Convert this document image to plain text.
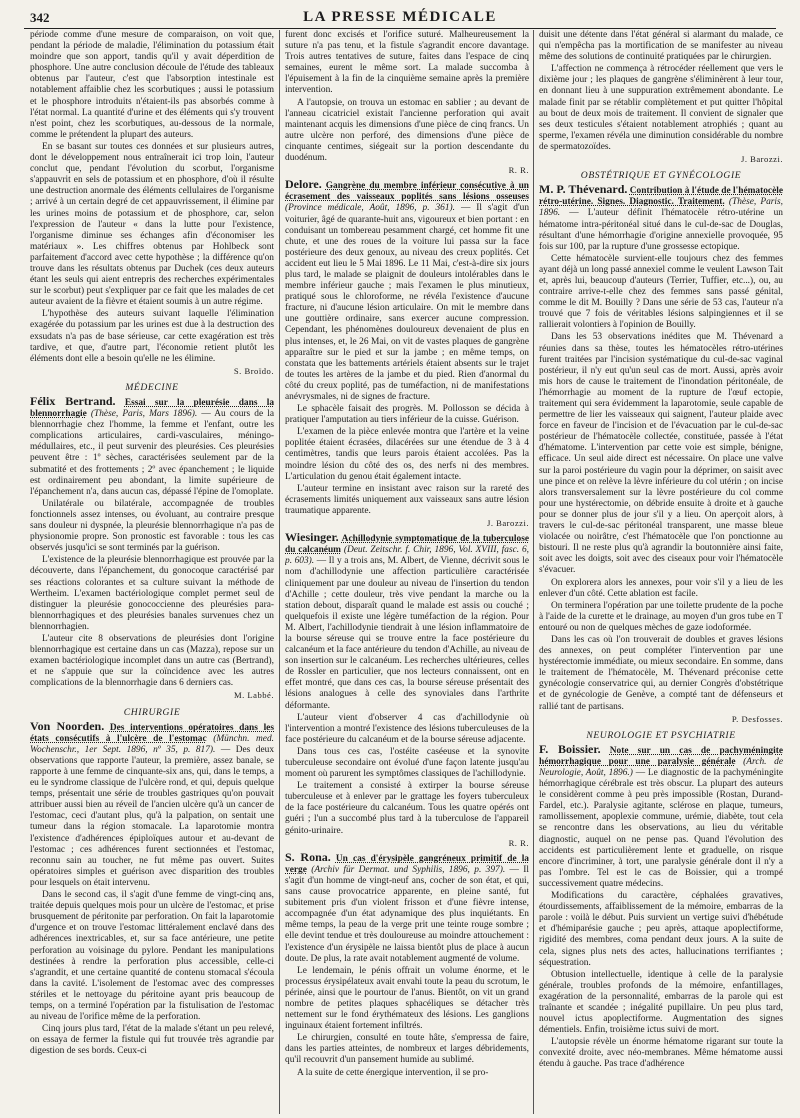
342	LA PRESSE MÉDICALE

période comme d'une mesure de comparaison, on voit que, pendant la période de maladie, l'élimination du potassium était moindre que son apport, tandis qu'il y avait déperdition de phosphore. Une autre conclusion découle de l'étude des tableaux obtenus par l'auteur, c'est que l'absorption intestinale est notablement affaiblie chez les scorbutiques ; aussi le potassium et le phosphore introduits n'étaient-ils pas absorbés comme à l'état normal. La quantité d'urine et des éléments qui s'y trouvent n'est point, chez les scorbutiques, au-dessous de la normale, comme le prétendent la plupart des auteurs.

En se basant sur toutes ces données et sur plusieurs autres, dont le développement nous entraînerait ici trop loin, l'auteur conclut que, pendant l'évolution du scorbut, l'organisme s'appauvrit en sels de potassium et en phosphore, d'où il résulte une destruction anormale des éléments cellulaires de l'organisme ; arrivé à un certain degré de cet appauvrissement, il élimine par les urines moins de potassium et de phosphore, car, selon l'expression de l'auteur « dans la lutte pour l'existence, l'organisme diminue ses échanges afin d'économiser les matériaux ». Les chiffres obtenus par Hohlbeck sont parfaitement d'accord avec cette hypothèse ; la différence qu'on trouve dans les résultats obtenus par Duchek (ces deux auteurs étant les seuls qui aient entrepris des recherches expérimentales sur le scorbut) peut s'expliquer par ce fait que les malades de cet auteur avaient de la fièvre et étaient soumis à un autre régime.

L'hypothèse des auteurs suivant laquelle l'élimination exagérée du potassium par les urines est due à la destruction des exsudats n'a pas de base sérieuse, car cette exagération est très tardive, et que, d'autre part, l'économie retient plutôt les éléments dont elle a besoin qu'elle ne les élimine.

S. Broïdo.
MÉDECINE

Félix Bertrand. Essai sur la pleurésie dans la blennorrhagie (Thèse, Paris, Mars 1896). — Au cours de la blennorrhagie chez l'homme, la femme et l'enfant, outre les complications articulaires, cardi-vasculaires, méningo-médullaires, etc., il peut survenir des pleurésies. Ces pleurésies peuvent être : 1º sèches, caractérisées seulement par de la submatité et des frottements ; 2º avec épanchement ; le liquide est ordinairement peu abondant, la limite supérieure de l'épanchement n'a, dans aucun cas, dépassé l'épine de l'omoplate.

Unilatérale ou bilatérale, accompagnée de troubles fonctionnels assez intenses, ou évoluant, au contraire presque sans douleur ni dyspnée, la pleurésie blennorrhagique n'a pas de physionomie propre. Son pronostic est favorable : tous les cas observés jusqu'ici se sont terminés par la guérison.

L'existence de la pleurésie blennorrhagique est prouvée par la découverte, dans l'épanchement, du gonocoque caractérisé par ses réactions colorantes et sa culture suivant la méthode de Wertheim. L'examen bactériologique complet permet seul de distinguer la pleurésie gonococcienne des pleurésies para-blennorrhagiques et des pleurésies banales survenues chez un blennorrhagien.

L'auteur cite 8 observations de pleurésies dont l'origine blennorrhagique est certaine dans un cas (Mazza), repose sur un examen bactériologique incomplet dans un autre cas (Bertrand), et ne s'appuie que sur la coïncidence avec les autres complications de la blennorrhagie dans 6 derniers cas.

M. Labbé.
CHIRURGIE

Von Noorden. Des interventions opératoires dans les états consécutifs à l'ulcère de l'estomac (Münchn. med. Wochenschr., 1er Sept. 1896, nº 35, p. 817). — Des deux observations que rapporte l'auteur, la première, assez banale, se rapporte à une femme de cinquante-six ans, qui, dans le temps, a eu le syndrome classique de l'ulcère rond, et qui, depuis quelque temps, présentait une série de troubles gastriques qu'on pouvait attribuer aussi bien au réveil de l'ancien ulcère qu'à un cancer de l'estomac, ceci d'autant plus, qu'à la palpation, on sentait une tumeur dans la région stomacale. La laparotomie montra l'existence d'adhérences épiploïques autour et au-devant de l'estomac ; ces adhérences furent sectionnées et l'estomac, reconnu sain au toucher, ne fut même pas ouvert. Suites opératoires simples et guérison avec disparition des troubles pour lesquels on était intervenu.

Dans le second cas, il s'agit d'une femme de vingt-cinq ans, traitée depuis quelques mois pour un ulcère de l'estomac, et prise brusquement de péritonite par perforation. On fait la laparotomie d'urgence et on trouve l'estomac littéralement enclavé dans des adhérences inextricables, et, sur sa face antérieure, une petite perforation au voisinage du pylore. Pendant les manipulations destinées à rendre la perforation plus accessible, celle-ci s'agrandit, et une certaine quantité de contenu stomacal s'écoula dans la cavité. L'isolement de l'estomac avec des compresses stériles et le nettoyage du péritoine ayant pris beaucoup de temps, on a terminé l'opération par la fistulisation de l'estomac au niveau de l'orifice même de la perforation.

Cinq jours plus tard, l'état de la malade s'étant un peu relevé, on essaya de fermer la fistule qui fut trouvée très agrandie par digestion de ses bords. Ceux-ci

furent donc excisés et l'orifice suturé. Malheureusement la suture n'a pas tenu, et la fistule s'agrandit encore davantage. Trois autres tentatives de suture, faites dans l'espace de cinq semaines, eurent le même sort. La malade succomba à l'épuisement à la fin de la cinquième semaine après la première intervention.

A l'autopsie, on trouva un estomac en sablier ; au devant de l'anneau cicatriciel existait l'ancienne perforation qui avait maintenant acquis les dimensions d'une pièce de cinq francs. Un autre ulcère non perforé, des dimensions d'une pièce de cinquante centimes, siégeait sur la portion descendante du duodénum.

R. R.

Delore. Gangrène du membre inférieur consécutive à un écrasement des vaisseaux poplités sans lésions osseuses (Province médicale, Août, 1896, p. 361). — Il s'agit d'un voiturier, âgé de quarante-huit ans, vigoureux et bien portant : en conduisant un tombereau pesamment chargé, cet homme fit une chute, et une des roues de la voiture lui passa sur la face postérieure des deux genoux, au niveau des creux poplités. Cet accident eut lieu le 5 Mai 1896. Le 11 Mai, c'est-à-dire six jours plus tard, le malade se plaignit de douleurs intolérables dans le membre inférieur gauche ; mais l'examen le plus minutieux, pratiqué sous le chloroforme, ne révéla l'existence d'aucune fracture, ni d'aucune lésion articulaire. On mit le membre dans une gouttière ordinaire, sans exercer aucune compression. Cependant, les phénomènes douloureux devenaient de plus en plus intenses, et, le 26 Mai, on vit de vastes plaques de gangrène apparaître sur le pied et sur la jambe ; en même temps, on constata que les battements artériels étaient absents sur le trajet de toutes les artères de la jambe et du pied. Rien d'anormal du côté du creux poplité, pas de tuméfaction, ni de manifestations anévrysmales, ni de signes de fracture.

Le sphacèle faisait des progrès. M. Pollosson se décida à pratiquer l'amputation au tiers inférieur de la cuisse. Guérison.

L'examen de la pièce enlevée montra que l'artère et la veine poplitée étaient écrasées, dilacérées sur une étendue de 3 à 4 centimètres, tandis que leurs parois étaient accolées. Pas la moindre lésion du côté des os, des nerfs ni des membres. L'articulation du genou était également intacte.

L'auteur termine en insistant avec raison sur la rareté des écrasements limités uniquement aux vaisseaux sans autre lésion traumatique apparente.

J. Barozzi.

Wiesinger. Achillodynie symptomatique de la tuberculose du calcanéum (Deut. Zeitschr. f. Chir, 1896, Vol. XVIII, fasc. 6, p. 603). — Il y a trois ans, M. Albert, de Vienne, décrivit sous le nom d'achillodynie une affection particulière caractérisée cliniquement par une douleur au niveau de l'insertion du tendon d'Achille ; cette douleur, très vive pendant la marche ou la station debout, disparaît quand le malade est assis ou couché ; quelquefois il existe une légère tuméfaction de la région. Pour M. Albert, l'achillodynie tiendrait à une lésion inflammatoire de la bourse séreuse qui se trouve entre la face postérieure du calcanéum et la face antérieure du tendon d'Achille, au niveau de son insertion sur le calcanéum. Les recherches ultérieures, celles de Rossler en particulier, que nos lecteurs connaissent, ont en effet montré, que dans ces cas, la bourse séreuse présentait des lésions analogues à celle des synoviales dans l'arthrite déformante.

L'auteur vient d'observer 4 cas d'achillodynie où l'intervention a montré l'existence des lésions tuberculeuses de la face postérieure du calcanéum et de la bourse séreuse adjacente.

Dans tous ces cas, l'ostéite caséeuse et la synovite tuberculeuse secondaire ont évolué d'une façon latente jusqu'au moment où parurent les symptômes classiques de l'achillodynie.

Le traitement a consisté à extirper la bourse séreuse tuberculeuse et à enlever par le grattage les foyers tuberculeux de la face postérieure du calcanéum. Tous les quatre opérés ont guéri ; l'un a succombé plus tard à la tuberculose de l'appareil génito-urinaire.

R. R.

S. Rona. Un cas d'érysipèle gangréneux primitif de la verge (Archiv für Dermat. und Syphilis, 1896, p. 397). — Il s'agit d'un homme de vingt-neuf ans, cocher de son état, et qui, sans cause provocatrice apparente, en pleine santé, fut subitement pris d'un violent frisson et d'une fièvre intense, accompagnée d'un état adynamique des plus inquiétants. En même temps, la peau de la verge prit une teinte rouge sombre ; elle devint tendue et très douloureuse au moindre attouchement : l'existence d'un érysipèle ne laissa bientôt plus de place à aucun doute. De plus, la rate avait notablement augmenté de volume.

Le lendemain, le pénis offrait un volume énorme, et le processus érysipélateux avait envahi toute la peau du scrotum, le périnée, ainsi que le pourtour de l'anus. Bientôt, on vit un grand nombre de petites plaques sphacéliques se détacher très nettement sur le fond érythémateux des lésions. Les ganglions inguinaux étaient fortement infiltrés.

Le chirurgien, consulté en toute hâte, s'empressa de faire, dans les parties atteintes, de nombreux et larges débridements, qu'il recouvrit d'un pansement humide au sublimé.

A la suite de cette énergique intervention, il se pro-

duisit une détente dans l'état général si alarmant du malade, ce qui n'empêcha pas la mortification de se manifester au niveau même des solutions de continuité pratiquées par le chirurgien.

L'affection ne commença à rétrocéder réellement que vers le dixième jour ; les plaques de gangrène s'éliminèrent à leur tour, en donnant lieu à une suppuration extrêmement abondante. Le malade finit par se rétablir complètement et put quitter l'hôpital au bout de deux mois de traitement. Il convient de signaler que ses deux testicules s'étaient notablement atrophiés ; quant au sperme, l'examen révéla une diminution considérable du nombre de spermatozoïdes.

J. Barozzi.
OBSTÉTRIQUE ET GYNÉCOLOGIE

M. P. Thévenard. Contribution à l'étude de l'hématocèle rétro-utérine. Signes. Diagnostic. Traitement. (Thèse, Paris, 1896. — L'auteur définit l'hématocèle rétro-utérine un hématome intra-péritonéal situé dans le cul-de-sac de Douglas, résultant d'une hémorrhagie d'origine annexielle provoquée, 95 fois sur 100, par la rupture d'une grossesse ectopique.

Cette hématocèle survient-elle toujours chez des femmes ayant déjà un long passé annexiel comme le veulent Lawson Tait et, après lui, beaucoup d'auteurs (Terrier, Tuffier, etc...), ou, au contraire arrive-t-elle chez des femmes sans passé génital, comme le dit M. Bouilly ? Dans une série de 53 cas, l'auteur n'a trouvé que 7 fois de véritables lésions salpingiennes et il se rallierait volontiers à l'opinion de Bouilly.

Dans les 53 observations inédites que M. Thévenard a réunies dans sa thèse, toutes les hématocèles rétro-utérines furent traitées par l'incision systématique du cul-de-sac vaginal postérieur, il n'y eut qu'un seul cas de mort. Aussi, après avoir mis hors de cause le traitement de l'inondation péritonéale, de l'hémorrhagie au moment de la rupture de l'œuf ectopie, traitement qui sera évidemment la laparotomie, seule capable de permettre de lier les vaisseaux qui saignent, l'auteur plaide avec force en faveur de l'incision et de l'évacuation par le cul-de-sac postérieur de l'hématocèle collectée, constituée, passée à l'état d'hématome. L'intervention par cette voie est simple, bénigne, efficace. Un seul aide direct est nécessaire. On place une valve sur la paroi postérieure du vagin pour la déprimer, on saisit avec une pince et on relève la lèvre inférieure du col utérin ; on incise alors transversalement sur la lèvre postérieure du col comme pour une hystérectomie, on débride ensuite à droite et à gauche pour se donner plus de jour s'il y a lieu. On aperçoit alors, à travers le cul-de-sac péritonéal transparent, une masse bleue violacée ou noirâtre, c'est l'hématocèle que l'on ponctionne au bistouri. Il ne reste plus qu'à agrandir la boutonnière ainsi faite, soit avec les doigts, soit avec des ciseaux pour voir l'hématocèle s'évacuer.

On explorera alors les annexes, pour voir s'il y a lieu de les enlever d'un côté. Cette ablation est facile.

On terminera l'opération par une toilette prudente de la poche à l'aide de la curette et le drainage, au moyen d'un gros tube en T entouré ou non de quelques mèches de gaze iodoformée.

Dans les cas où l'on trouverait de doubles et graves lésions des annexes, on peut compléter l'intervention par une hystérectomie immédiate, ou mieux secondaire. En somme, dans le traitement de l'hématocèle, M. Thévenard préconise cette gynécologie conservatrice qui, au dernier Congrès d'obstétrique et de gynécologie de Genève, a compté tant de défenseurs et rallié tant de partisans.

P. Desfosses.
NEUROLOGIE ET PSYCHIATRIE

F. Boissier. Note sur un cas de pachyméningite hémorrhagique pour une paralysie générale (Arch. de Neurologie, Août, 1896.) — Le diagnostic de la pachyméningite hémorrhagique cérébrale est très obscur. La plupart des auteurs le considèrent comme à peu près impossible (Rostan, Durand-Fardel, etc.). Paralysie agitante, sclérose en plaque, tumeurs, ramollissement, apoplexie commune, urémie, diabète, tout cela se rencontre dans les observations, au lieu du véritable diagnostic, auquel on ne pense pas. Quand l'évolution des accidents est particulièrement lente et graduelle, on risque encore d'incriminer, à tort, une paralysie générale dont il n'y a pas l'ombre. Tel est le cas de Boissier, qui a trompé successivement quatre médecins.

Modifications du caractère, céphalées gravatives, étourdissements, affaiblissement de la mémoire, embarras de la parole : voilà le début. Puis survient un vertige suivi d'hébétude et d'hémiparésie gauche ; peu après, attaque apoplectiforme, rigidité des membres, coma pendant deux jours. A la suite de cela, signes plus nets des actes, hallucinations terrifiantes ; séquestration.

Obtusion intellectuelle, identique à celle de la paralysie générale, troubles profonds de la mémoire, enfantillages, exagération de la personnalité, embarras de la parole qui est traînante et scandée ; inégalité pupillaire. Un peu plus tard, nouvel ictus apoplectiforme. Augmentation des signes démentiels. Enfin, troisième ictus suivi de mort.

L'autopsie révèle un énorme hématome rigarant sur toute la convexité droite, avec néo-membranes. Même hématome aussi étendu à gauche. Pas trace d'adhérence
